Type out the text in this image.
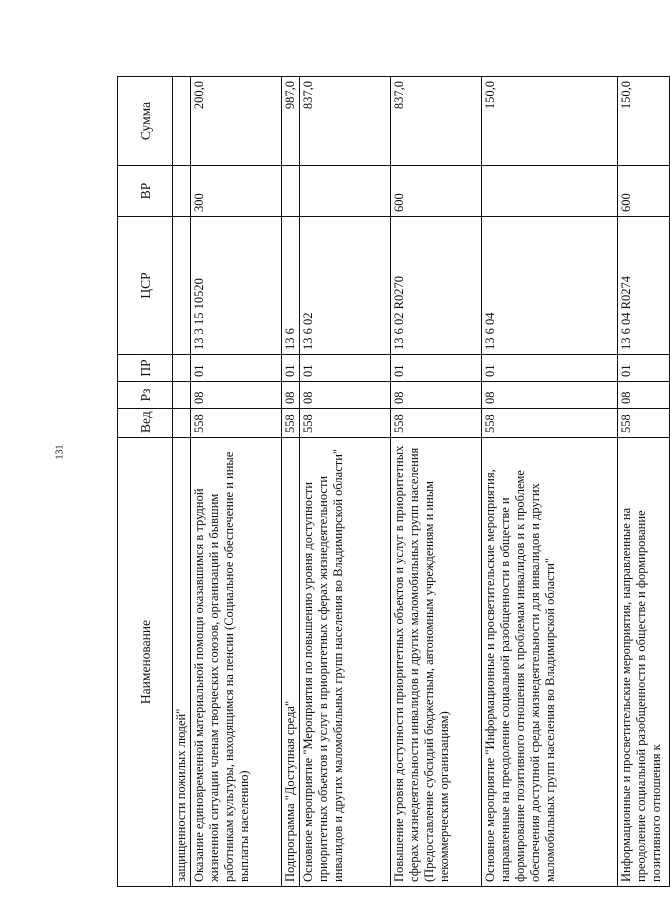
131
Наименование	Вед	Рз	ПР	ЦСР	ВР	Сумма
защищенности пожилых людей"						
Оказание единовременной материальной помощи оказавшимся в трудной жизненной ситуации членам творческих союзов, организаций и бывшим работникам культуры, находящимся на пенсии (Социальное обеспечение и иные выплаты населению)	558	08	01	13 3 15 10520	300	200,0
Подпрограмма "Доступная среда"	558	08	01	13 6		987,0
Основное мероприятие "Мероприятия по повышению уровня доступности приоритетных объектов и услуг в приоритетных сферах жизнедеятельности инвалидов и других маломобильных групп населения во Владимирской области"	558	08	01	13 6 02		837,0
Повышение уровня доступности приоритетных объектов и услуг в приоритетных сферах жизнедеятельности инвалидов и других маломобильных групп населения (Предоставление субсидий бюджетным, автономным учреждениям и иным некоммерческим организациям)	558	08	01	13 6 02 R0270	600	837,0
Основное мероприятие "Информационные и просветительские мероприятия, направленные на преодоление социальной разобщенности в обществе и формирование позитивного отношения к проблемам инвалидов и к проблеме обеспечения доступной среды жизнедеятельности для инвалидов и других маломобильных групп населения во Владимирской области"	558	08	01	13 6 04		150,0
Информационные и просветительские мероприятия, направленные на преодоление социальной разобщенности в обществе и формирование позитивного отношения к	558	08	01	13 6 04 R0274	600	150,0
